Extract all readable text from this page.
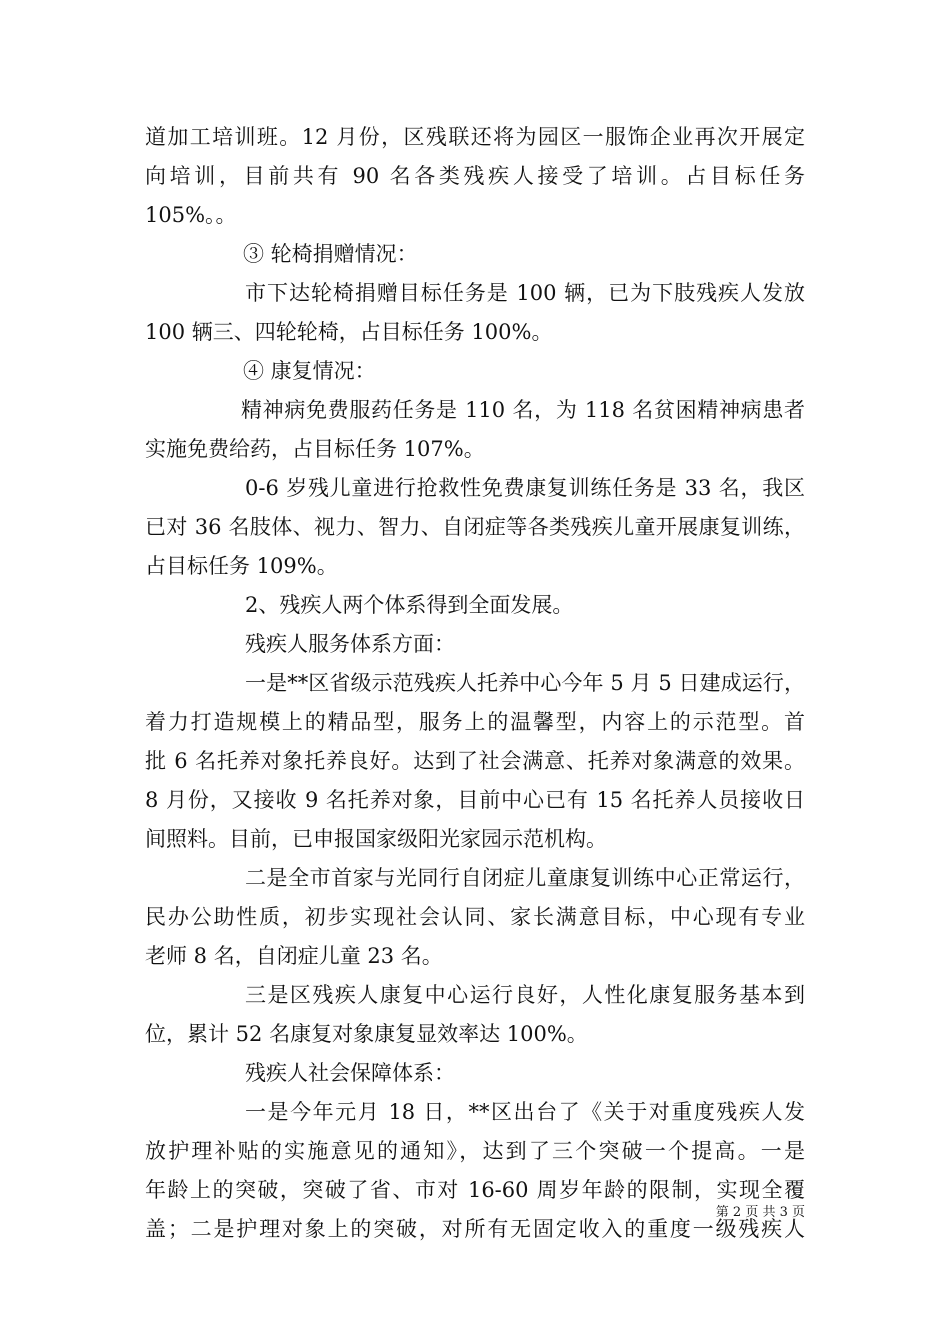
道加工培训班。12 月份，区残联还将为园区一服饰企业再次开展定
向培训，目前共有 90 名各类残疾人接受了培训。占目标任务
105%。。
③ 轮椅捐赠情况：
市下达轮椅捐赠目标任务是 100 辆，已为下肢残疾人发放
100 辆三、四轮轮椅，占目标任务 100%。
④ 康复情况：
精神病免费服药任务是 110 名，为 118 名贫困精神病患者
实施免费给药，占目标任务 107%。
0-6 岁残儿童进行抢救性免费康复训练任务是 33 名，我区
已对 36 名肢体、视力、智力、自闭症等各类残疾儿童开展康复训练，
占目标任务 109%。
2、残疾人两个体系得到全面发展。
残疾人服务体系方面：
一是**区省级示范残疾人托养中心今年 5 月 5 日建成运行，
着力打造规模上的精品型，服务上的温馨型，内容上的示范型。首
批 6 名托养对象托养良好。达到了社会满意、托养对象满意的效果。
8 月份，又接收 9 名托养对象，目前中心已有 15 名托养人员接收日
间照料。目前，已申报国家级阳光家园示范机构。
二是全市首家与光同行自闭症儿童康复训练中心正常运行，
民办公助性质，初步实现社会认同、家长满意目标，中心现有专业
老师 8 名，自闭症儿童 23 名。
三是区残疾人康复中心运行良好，人性化康复服务基本到
位，累计 52 名康复对象康复显效率达 100%。
残疾人社会保障体系：
一是今年元月 18 日，**区出台了《关于对重度残疾人发
放护理补贴的实施意见的通知》，达到了三个突破一个提高。一是
年龄上的突破，突破了省、市对 16-60 周岁年龄的限制，实现全覆
盖；二是护理对象上的突破，对所有无固定收入的重度一级残疾人
第 2 页 共 3 页
